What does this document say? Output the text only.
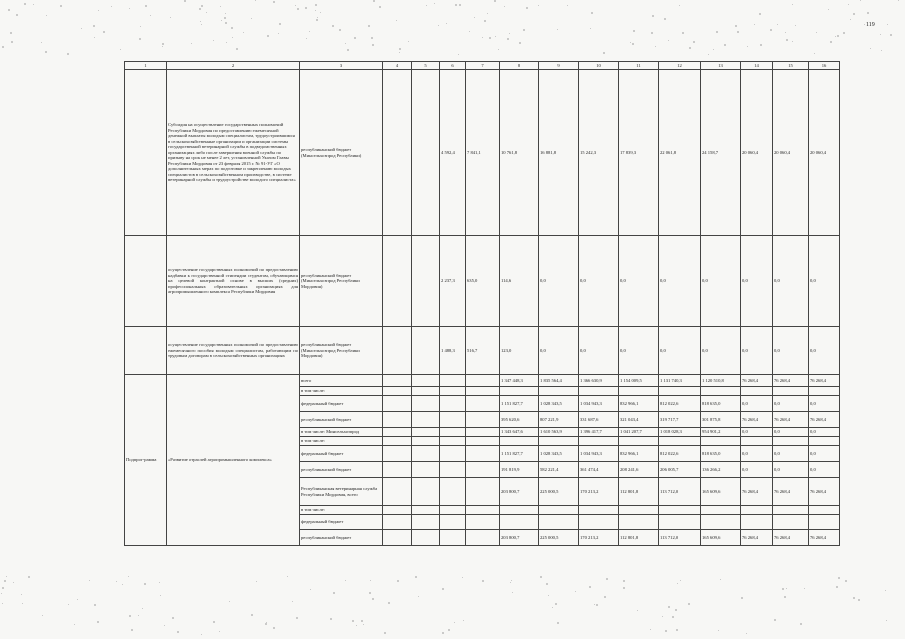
119
1	2	3	4	5	6	7	8	9	10	11	12	13	14	15	16
	Субсидия на осуществление государственных полномочий Республики Мордовия по предоставлению ежемесячной денежной выплаты молодым специалистам, трудоустроившимся в сельскохозяйственные организации и организации системы государственной ветеринарной службы в подведомственных организациях либо после завершения военной службы по призыву на срок не менее 2 лет, установленной Указом Главы Республики Мордовия от 23 февраля 2015 г. № 91-УГ «О дополнительных мерах по подготовке и закреплению молодых специалистов в сельскохозяйственном производстве, в системе ветеринарной службы и трудоустройстве молодого специалиста»	республиканский бюджет (Минсельхозпрод Республики)			4 592,4	7 841,1	10 761,8	16 881,8	15 242,3	17 839,3	22 061,8	24 158,7	20 060,4	20 060,4	20 060,4
	осуществление государственных полномочий по предоставлению надбавки к государственной стипендии студентам, обучающимся на целевой контрактной основе в высших (средних) профессиональных образовательных организациях для агропромышленного комплекса Республики Мордовия	республиканский бюджет (Минсельхозпрод Республики Мордовия)			2 237,3	635,0	114,6	0,0	0,0	0,0	0,0	0,0	0,0	0,0	0,0
	осуществление государственных полномочий по предоставлению ежемесячного пособия молодым специалистам, работающим по трудовым договорам в сельскохозяйственных организациях	республиканский бюджет (Минсельхозпрод Республики Мордовия)			1 488,3	516,7	123,0	0,0	0,0	0,0	0,0	0,0	0,0	0,0	0,0
Подпрог-рамма	«Развитие отраслей агропромышленного комплекса»	всего					1 347 448,3	1 835 564,4	1 366 630,9	1 154 009,5	1 131 740,3	1 120 510,8	76 268,4	76 268,4	76 268,4
		в том числе:													
		федеральный бюджет					1 151 827,7	1 028 343,5	1 034 943,3	832 966,1	812 022,6	818 635,0	0,0	0,0	0,0
		республиканский бюджет					395 620,6	807 221,9	331 687,6	321 043,4	319 717,7	301 875,8	76 268,4	76 268,4	76 268,4
		в том числе: Минсельхозпрод					1 343 647,6	1 610 563,9	1 396 417,7	1 041 207,7	1 018 028,3	954 901,2	0,0	0,0	0,0
		в том числе:													
		федеральный бюджет					1 151 827,7	1 028 343,5	1 034 943,3	832 966,1	812 022,6	818 635,0	0,0	0,0	0,0
		республиканский бюджет					191 819,9	582 221,4	361 474,4	208 241,6	206 005,7	136 266,2	0,0	0,0	0,0
		Республиканская ветеринарная служба Республики Мордовия, всего					203 800,7	225 000,5	170 213,2	112 801,8	113 712,0	165 609,6	76 268,4	76 268,4	76 268,4
		в том числе:													
		федеральный бюджет													
		республиканский бюджет					203 800,7	225 000,5	170 213,2	112 801,8	113 712,0	165 609,6	76 268,4	76 268,4	76 268,4
